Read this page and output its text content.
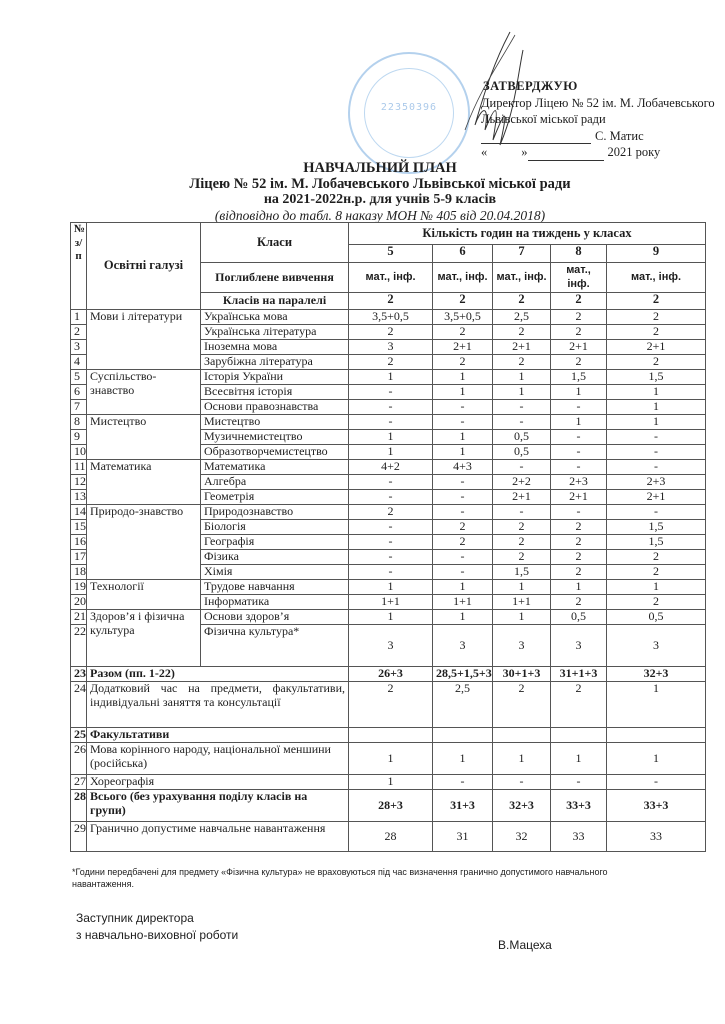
22350396
ЗАТВЕРДЖУЮ
Директор Ліцею № 52 ім. М. Лобачевського
Львівської міської ради
С. Матис
«	»	2021 року
НАВЧАЛЬНИЙ ПЛАН
Ліцею № 52 ім. М. Лобачевського Львівської міської ради
на 2021-2022н.р. для учнів 5-9 класів
(відповідно до табл. 8 наказу МОН № 405 від 20.04.2018)
№ з/п	Освітні галузі	Класи	Кількість годин на тиждень у класах				
			5	6	7	8	9
		Поглиблене вивчення	мат., інф.	мат., інф.	мат., інф.	мат., інф.	мат., інф.
		Класів на паралелі	2	2	2	2	2
1	Мови і літератури	Українська мова	3,5+0,5	3,5+0,5	2,5	2	2
2		Українська література	2	2	2	2	2
3		Іноземна мова	3	2+1	2+1	2+1	2+1
4		Зарубіжна література	2	2	2	2	2
5	Суспільство-знавство	Історія України	1	1	1	1,5	1,5
6		Всесвітня історія	-	1	1	1	1
7		Основи правознавства	-	-	-	-	1
8	Мистецтво	Мистецтво	-	-	-	1	1
9		Музичнемистецтво	1	1	0,5	-	-
10		Образотворчемистецтво	1	1	0,5	-	-
11	Математика	Математика	4+2	4+3	-	-	-
12		Алгебра	-	-	2+2	2+3	2+3
13		Геометрія	-	-	2+1	2+1	2+1
14	Природо-знавство	Природознавство	2	-	-	-	-
15		Біологія	-	2	2	2	1,5
16		Географія	-	2	2	2	1,5
17		Фізика	-	-	2	2	2
18		Хімія	-	-	1,5	2	2
19	Технології	Трудове навчання	1	1	1	1	1
20		Інформатика	1+1	1+1	1+1	2	2
21	Здоров’я і фізична культура	Основи здоров’я	1	1	1	0,5	0,5
22		Фізична культура*	3	3	3	3	3
23	Разом (пп. 1-22)		26+3	28,5+1,5+3	30+1+3	31+1+3	32+3
24	Додатковий час на предмети, факультативи, індивідуальні заняття та консультації		2	2,5	2	2	1
25	Факультативи						
26	Мова корінного народу, національної меншини (російська)		1	1	1	1	1
27	Хореографія		1	-	-	-	-
28	Всього (без урахування поділу класів на групи)		28+3	31+3	32+3	33+3	33+3
29	Гранично допустиме навчальне навантаження		28	31	32	33	33
*Години передбачені для предмету «Фізична культура» не враховуються під час визначення гранично допустимого навчального навантаження.
Заступник директора
з навчально-виховної роботи
В.Мацеха
